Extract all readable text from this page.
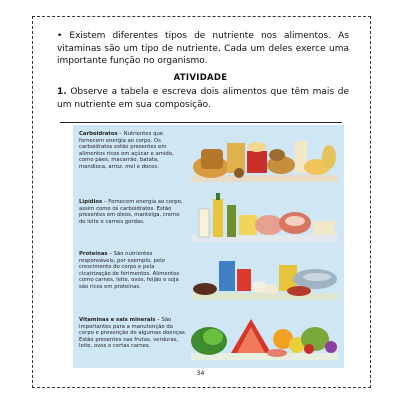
• Existem diferentes tipos de nutriente nos alimentos. As vitaminas são um tipo de nutriente. Cada um deles exerce uma importante função no organismo.
ATIVIDADE
1. Observe a tabela e escreva dois alimentos que têm mais de um nutriente em sua composição.
Carboidratos – Nutrientes que fornecem energia ao corpo. Os carboidratos estão presentes em alimentos ricos em açúcar e amido, como pães, macarrão, batata, mandioca, arroz, mel e doces.
Lipídios – Fornecem energia ao corpo, assim como os carboidratos. Estão presentes em óleos, manteiga, creme de leite e carnes gordas.
Proteínas – São nutrientes responsáveis, por exemplo, pelo crescimento do corpo e pela cicatrização de ferimentos. Alimentos como carnes, leite, ovos, feijão e soja são ricos em proteínas.
Vitaminas e sais minerais – São importantes para a manutenção do corpo e prevenção de algumas doenças. Estão presentes nas frutas, verduras, leite, ovos e certas carnes.
34
